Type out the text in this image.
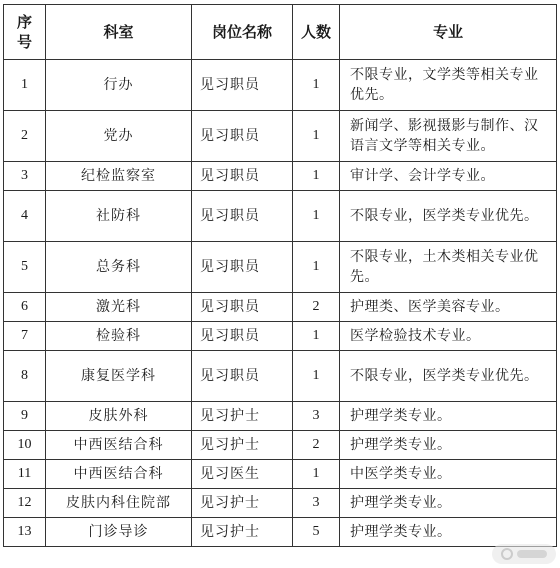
序号	科室	岗位名称	人数	专业
1	行办	见习职员	1	不限专业，文学类等相关专业优先。
2	党办	见习职员	1	新闻学、影视摄影与制作、汉语言文学等相关专业。
3	纪检监察室	见习职员	1	审计学、会计学专业。
4	社防科	见习职员	1	不限专业，医学类专业优先。
5	总务科	见习职员	1	不限专业，土木类相关专业优先。
6	激光科	见习职员	2	护理类、医学美容专业。
7	检验科	见习职员	1	医学检验技术专业。
8	康复医学科	见习职员	1	不限专业，医学类专业优先。
9	皮肤外科	见习护士	3	护理学类专业。
10	中西医结合科	见习护士	2	护理学类专业。
11	中西医结合科	见习医生	1	中医学类专业。
12	皮肤内科住院部	见习护士	3	护理学类专业。
13	门诊导诊	见习护士	5	护理学类专业。
